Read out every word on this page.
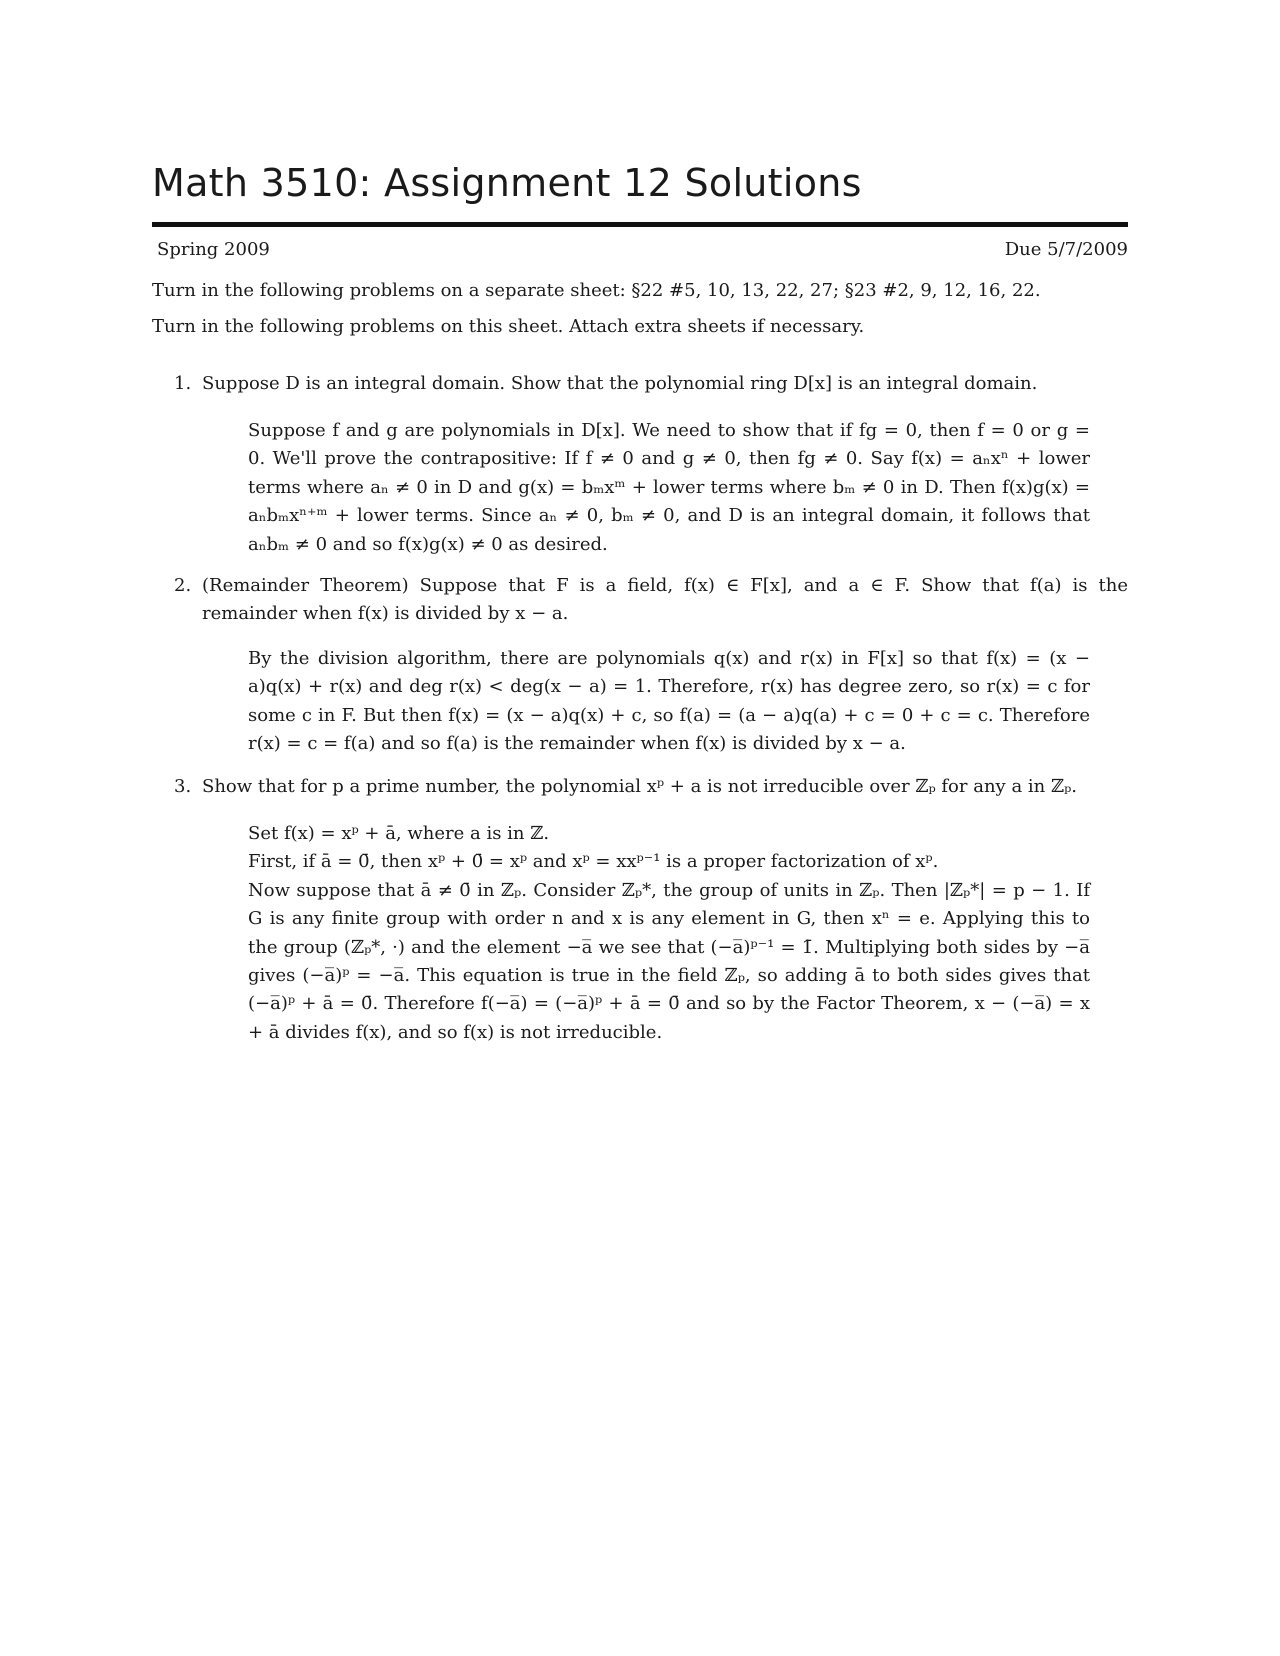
Math 3510: Assignment 12 Solutions
Spring 2009	Due 5/7/2009
Turn in the following problems on a separate sheet: §22 #5, 10, 13, 22, 27; §23 #2, 9, 12, 16, 22.
Turn in the following problems on this sheet. Attach extra sheets if necessary.
1. Suppose D is an integral domain. Show that the polynomial ring D[x] is an integral domain.

Suppose f and g are polynomials in D[x]. We need to show that if fg = 0, then f = 0 or g = 0. We'll prove the contrapositive: If f ≠ 0 and g ≠ 0, then fg ≠ 0. Say f(x) = aₙxⁿ + lower terms where aₙ ≠ 0 in D and g(x) = bₘxᵐ + lower terms where bₘ ≠ 0 in D. Then f(x)g(x) = aₙbₘxⁿ⁺ᵐ + lower terms. Since aₙ ≠ 0, bₘ ≠ 0, and D is an integral domain, it follows that aₙbₘ ≠ 0 and so f(x)g(x) ≠ 0 as desired.

2. (Remainder Theorem) Suppose that F is a field, f(x) ∈ F[x], and a ∈ F. Show that f(a) is the remainder when f(x) is divided by x − a.

By the division algorithm, there are polynomials q(x) and r(x) in F[x] so that f(x) = (x − a)q(x) + r(x) and deg r(x) < deg(x − a) = 1. Therefore, r(x) has degree zero, so r(x) = c for some c in F. But then f(x) = (x − a)q(x) + c, so f(a) = (a − a)q(a) + c = 0 + c = c. Therefore r(x) = c = f(a) and so f(a) is the remainder when f(x) is divided by x − a.

3. Show that for p a prime number, the polynomial xᵖ + a is not irreducible over ℤₚ for any a in ℤₚ.

Set f(x) = xᵖ + ā, where a is in ℤ.

First, if ā = 0̄, then xᵖ + 0̄ = xᵖ and xᵖ = xxᵖ⁻¹ is a proper factorization of xᵖ.

Now suppose that ā ≠ 0̄ in ℤₚ. Consider ℤₚ*, the group of units in ℤₚ. Then |ℤₚ*| = p − 1. If G is any finite group with order n and x is any element in G, then xⁿ = e. Applying this to the group (ℤₚ*, ·) and the element −a̅ we see that (−a̅)ᵖ⁻¹ = 1̄. Multiplying both sides by −a̅ gives (−a̅)ᵖ = −a̅. This equation is true in the field ℤₚ, so adding ā to both sides gives that (−a̅)ᵖ + ā = 0̄. Therefore f(−a̅) = (−a̅)ᵖ + ā = 0̄ and so by the Factor Theorem, x − (−a̅) = x + ā divides f(x), and so f(x) is not irreducible.
